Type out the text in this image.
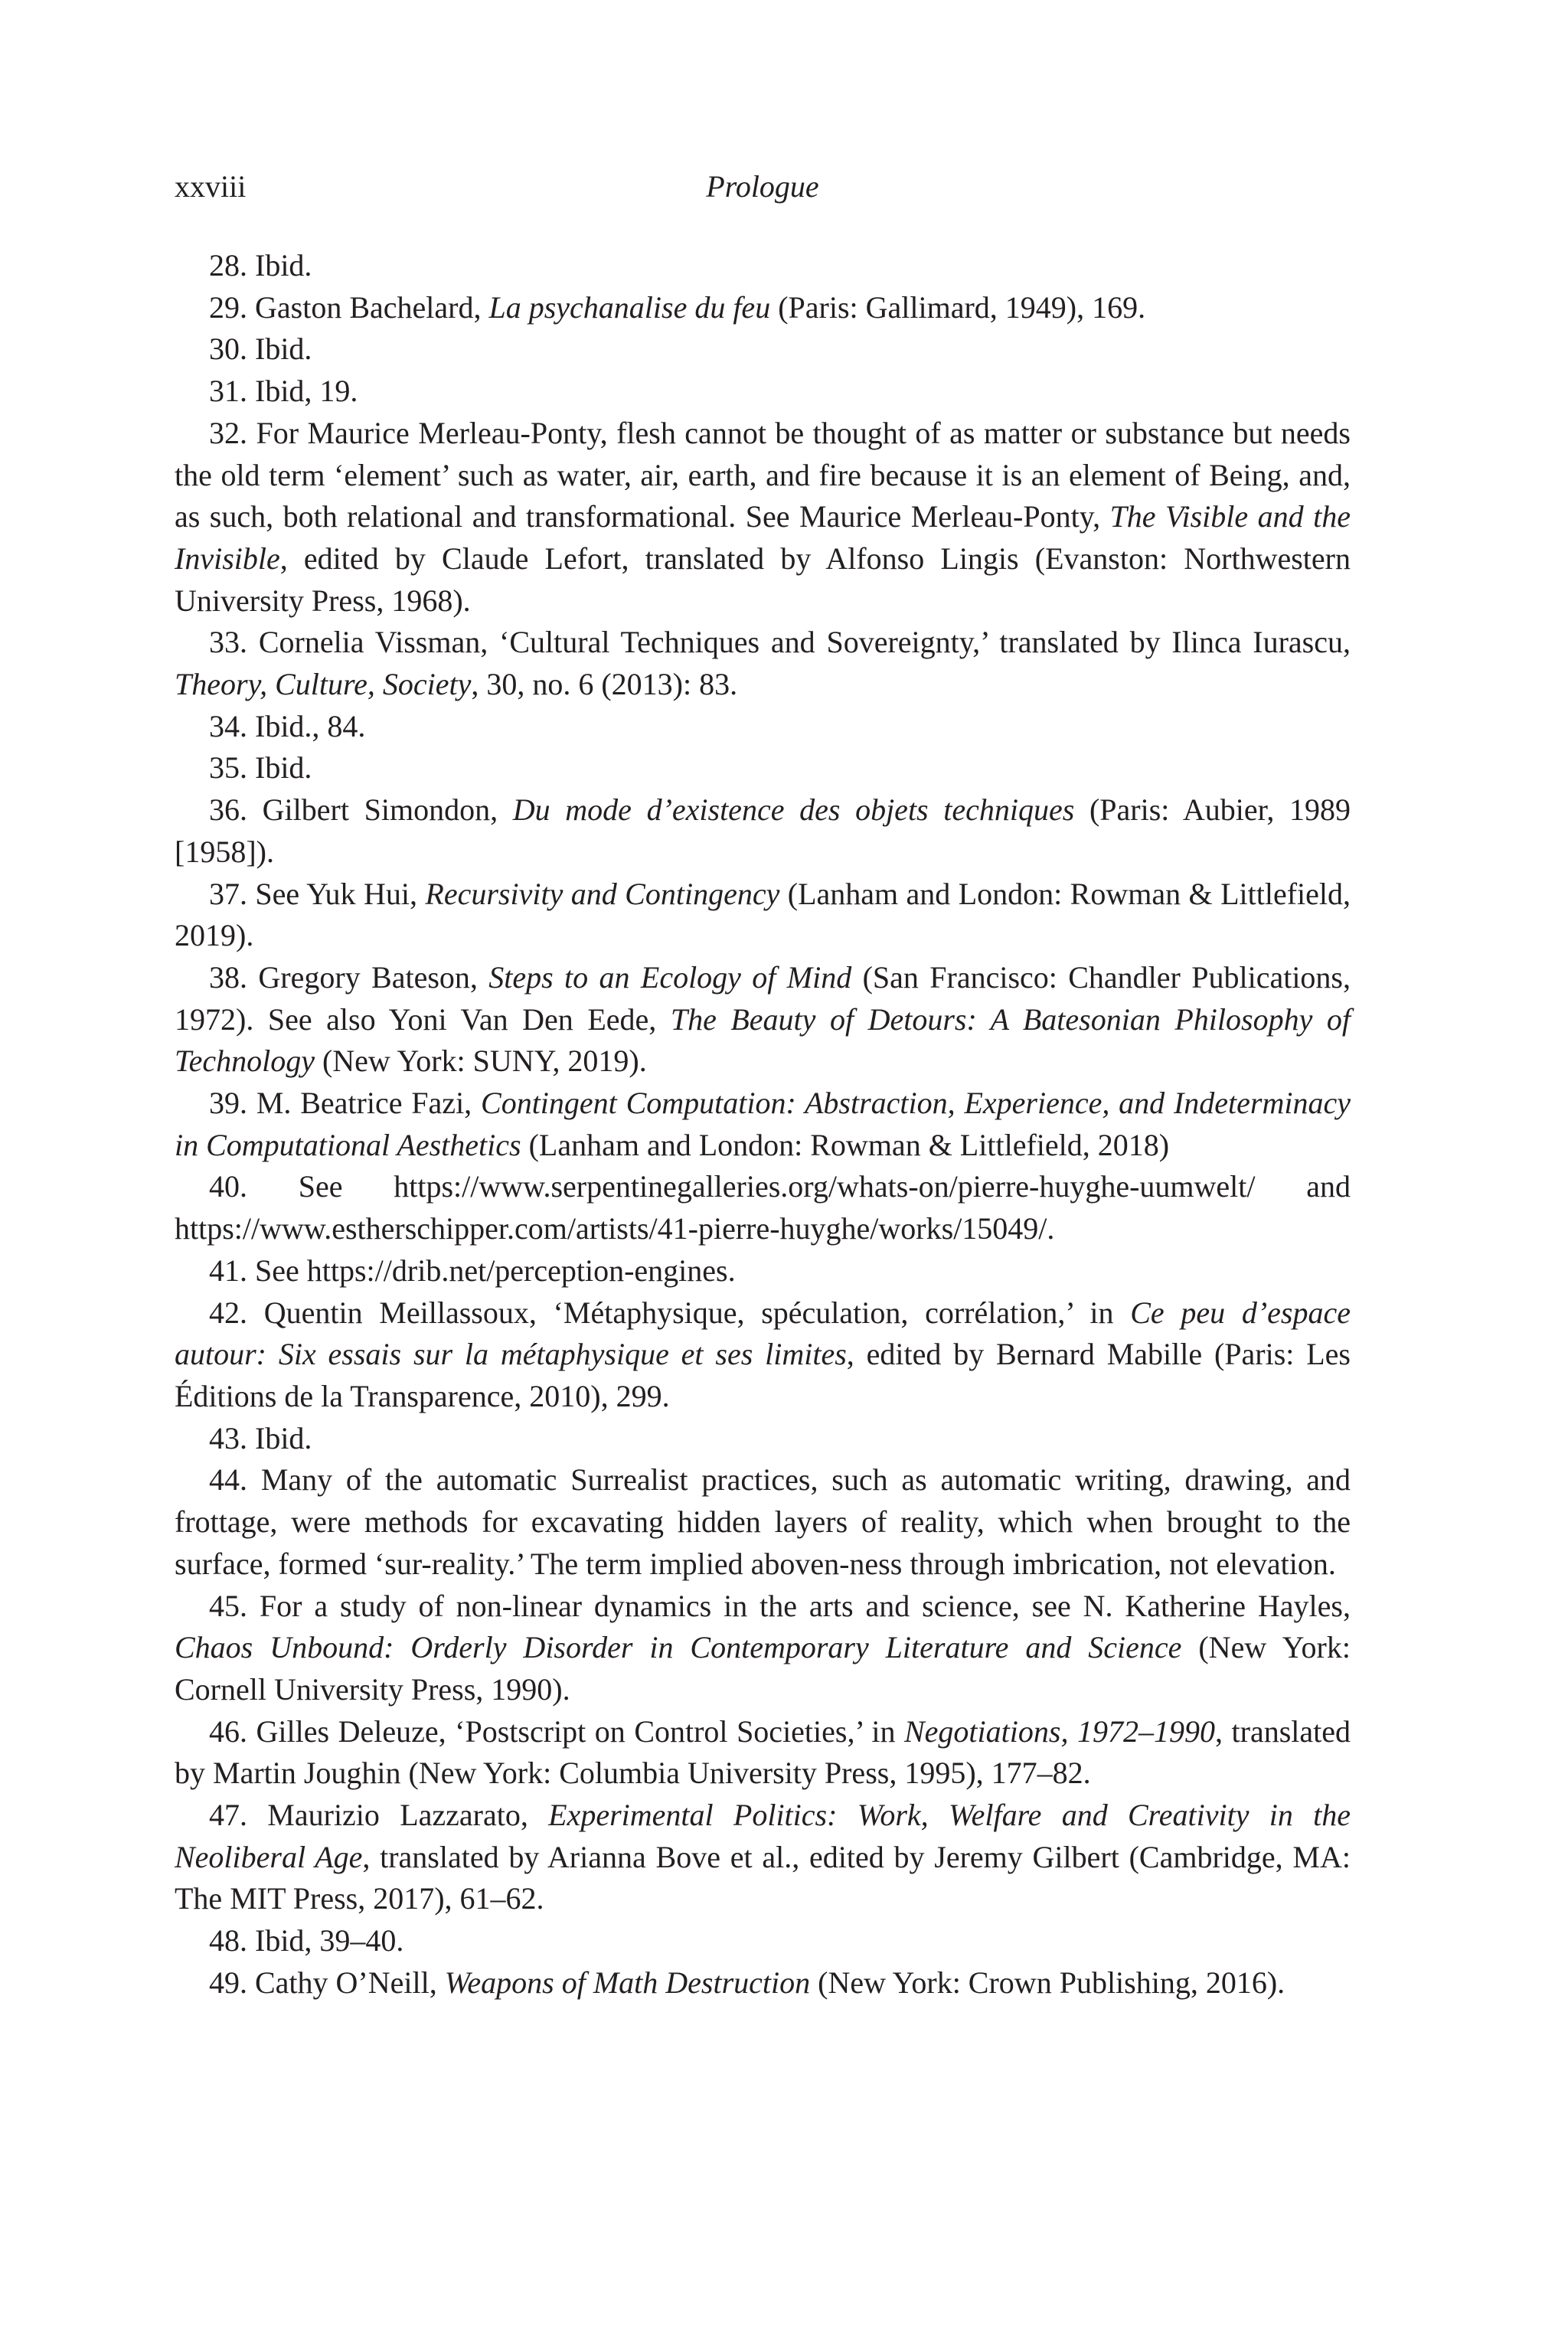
xxviii	Prologue

28. Ibid.

29. Gaston Bachelard, La psychanalise du feu (Paris: Gallimard, 1949), 169.

30. Ibid.

31. Ibid, 19.

32. For Maurice Merleau-Ponty, flesh cannot be thought of as matter or substance but needs the old term ‘element’ such as water, air, earth, and fire because it is an element of Being, and, as such, both relational and transformational. See Maurice Merleau-Ponty, The Visible and the Invisible, edited by Claude Lefort, translated by Alfonso Lingis (Evanston: Northwestern University Press, 1968).

33. Cornelia Vissman, ‘Cultural Techniques and Sovereignty,’ translated by Ilinca Iurascu, Theory, Culture, Society, 30, no. 6 (2013): 83.

34. Ibid., 84.

35. Ibid.

36. Gilbert Simondon, Du mode d’existence des objets techniques (Paris: Aubier, 1989 [1958]).

37. See Yuk Hui, Recursivity and Contingency (Lanham and London: Rowman & Littlefield, 2019).

38. Gregory Bateson, Steps to an Ecology of Mind (San Francisco: Chandler Publications, 1972). See also Yoni Van Den Eede, The Beauty of Detours: A Batesonian Philosophy of Technology (New York: SUNY, 2019).

39. M. Beatrice Fazi, Contingent Computation: Abstraction, Experience, and Indeterminacy in Computational Aesthetics (Lanham and London: Rowman & Littlefield, 2018)

40. See https://www.serpentinegalleries.org/whats-on/pierre-huyghe-uumwelt/ and https://www.estherschipper.com/artists/41-pierre-huyghe/works/15049/.

41. See https://drib.net/perception-engines.

42. Quentin Meillassoux, ‘Métaphysique, spéculation, corrélation,’ in Ce peu d’espace autour: Six essais sur la métaphysique et ses limites, edited by Bernard Mabille (Paris: Les Éditions de la Transparence, 2010), 299.

43. Ibid.

44. Many of the automatic Surrealist practices, such as automatic writing, drawing, and frottage, were methods for excavating hidden layers of reality, which when brought to the surface, formed ‘sur-reality.’ The term implied aboven-ness through imbrication, not elevation.

45. For a study of non-linear dynamics in the arts and science, see N. Katherine Hayles, Chaos Unbound: Orderly Disorder in Contemporary Literature and Science (New York: Cornell University Press, 1990).

46. Gilles Deleuze, ‘Postscript on Control Societies,’ in Negotiations, 1972–1990, translated by Martin Joughin (New York: Columbia University Press, 1995), 177–82.

47. Maurizio Lazzarato, Experimental Politics: Work, Welfare and Creativity in the Neoliberal Age, translated by Arianna Bove et al., edited by Jeremy Gilbert (Cambridge, MA: The MIT Press, 2017), 61–62.

48. Ibid, 39–40.

49. Cathy O’Neill, Weapons of Math Destruction (New York: Crown Publishing, 2016).
